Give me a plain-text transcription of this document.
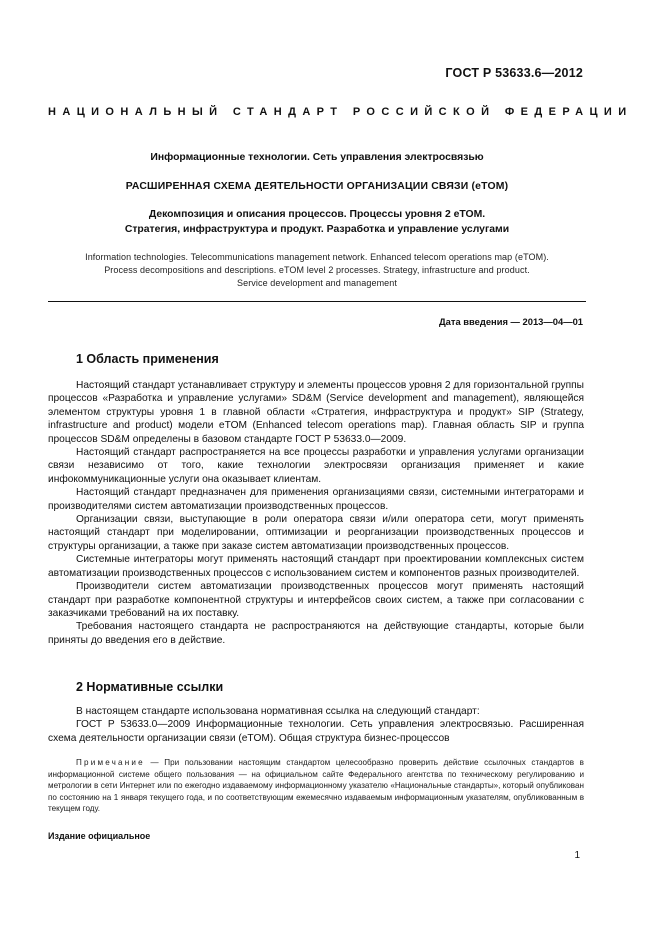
ГОСТ Р 53633.6—2012
НАЦИОНАЛЬНЫЙ СТАНДАРТ РОССИЙСКОЙ ФЕДЕРАЦИИ
Информационные технологии. Сеть управления электросвязью
РАСШИРЕННАЯ СХЕМА ДЕЯТЕЛЬНОСТИ ОРГАНИЗАЦИИ СВЯЗИ (eTOM)
Декомпозиция и описания процессов. Процессы уровня 2 eTOM.
Стратегия, инфраструктура и продукт. Разработка и управление услугами
Information technologies. Telecommunications management network. Enhanced telecom operations map (eTOM).
Process decompositions and descriptions. eTOM level 2 processes. Strategy, infrastructure and product.
Service development and management
Дата введения — 2013—04—01
1 Область применения

Настоящий стандарт устанавливает структуру и элементы процессов уровня 2 для горизонтальной группы процессов «Разработка и управление услугами» SD&M (Service development and management), являющейся элементом структуры уровня 1 в главной области «Стратегия, инфраструктура и продукт» SIP (Strategy, infrastructure and product) модели eTOM (Enhanced telecom operations map). Главная область SIP и группа процессов SD&M определены в базовом стандарте ГОСТ Р 53633.0—2009.

Настоящий стандарт распространяется на все процессы разработки и управления услугами организации связи независимо от того, какие технологии электросвязи организация применяет и какие инфокоммуникационные услуги она оказывает клиентам.

Настоящий стандарт предназначен для применения организациями связи, системными интеграторами и производителями систем автоматизации производственных процессов.

Организации связи, выступающие в роли оператора связи и/или оператора сети, могут применять настоящий стандарт при моделировании, оптимизации и реорганизации производственных процессов и структуры организации, а также при заказе систем автоматизации производственных процессов.

Системные интеграторы могут применять настоящий стандарт при проектировании комплексных систем автоматизации производственных процессов с использованием систем и компонентов разных производителей.

Производители систем автоматизации производственных процессов могут применять настоящий стандарт при разработке компонентной структуры и интерфейсов своих систем, а также при согласовании с заказчиками требований на их поставку.

Требования настоящего стандарта не распространяются на действующие стандарты, которые были приняты до введения его в действие.

2 Нормативные ссылки

В настоящем стандарте использована нормативная ссылка на следующий стандарт:

ГОСТ Р 53633.0—2009 Информационные технологии. Сеть управления электросвязью. Расширенная схема деятельности организации связи (eTOM). Общая структура бизнес-процессов

Примечание — При пользовании настоящим стандартом целесообразно проверить действие ссылочных стандартов в информационной системе общего пользования — на официальном сайте Федерального агентства по техническому регулированию и метрологии в сети Интернет или по ежегодно издаваемому информационному указателю «Национальные стандарты», который опубликован по состоянию на 1 января текущего года, и по соответствующим ежемесячно издаваемым информационным указателям, опубликованным в текущем году.

Издание официальное
1
